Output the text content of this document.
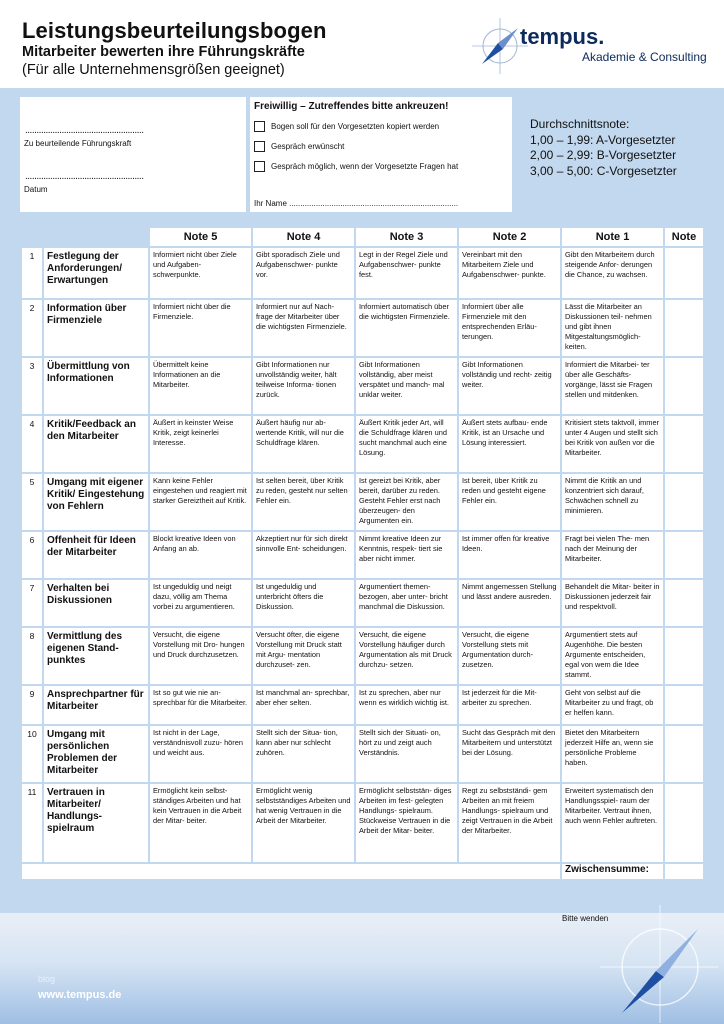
Leistungsbeurteilungsbogen
Mitarbeiter bewerten ihre Führungskräfte
(Für alle Unternehmensgrößen geeignet)
tempus.
Akademie & Consulting
....................................................
Zu beurteilende Führungskraft
....................................................
Datum
Freiwillig – Zutreffendes bitte ankreuzen!
Bogen soll für den Vorgesetzten kopiert werden
Gespräch erwünscht
Gespräch möglich, wenn der Vorgesetzte Fragen hat
Ihr Name ............................................................................
Durchschnittsnote:
1,00 – 1,99: A-Vorgesetzter
2,00 – 2,99: B-Vorgesetzter
3,00 – 5,00: C-Vorgesetzter
		Note 5	Note 4	Note 3	Note 2	Note 1	Note
1	Festlegung der Anforderungen/ Erwartungen	Informiert nicht über Ziele und Aufgaben- schwerpunkte.	Gibt sporadisch Ziele und Aufgabenschwer- punkte vor.	Legt in der Regel Ziele und Aufgabenschwer- punkte fest.	Vereinbart mit den Mitarbeitern Ziele und Aufgabenschwer- punkte.	Gibt den Mitarbeitern durch steigende Anfor- derungen die Chance, zu wachsen.	
2	Information über Firmenziele	Informiert nicht über die Firmenziele.	Informiert nur auf Nach- frage der Mitarbeiter über die wichtigsten Firmenziele.	Informiert automatisch über die wichtigsten Firmenziele.	Informiert über alle Firmenziele mit den entsprechenden Erläu- terungen.	Lässt die Mitarbeiter an Diskussionen teil- nehmen und gibt ihnen Mitgestaltungsmöglich- keiten.	
3	Übermittlung von Informationen	Übermittelt keine Informationen an die Mitarbeiter.	Gibt Informationen nur unvollständig weiter, hält teilweise Informa- tionen zurück.	Gibt Informationen vollständig, aber meist verspätet und manch- mal unklar weiter.	Gibt Informationen vollständig und recht- zeitig weiter.	Informiert die Mitarbei- ter über alle Geschäfts- vorgänge, lässt sie Fragen stellen und mitdenken.	
4	Kritik/Feedback an den Mitarbeiter	Äußert in keinster Weise Kritik, zeigt keinerlei Interesse.	Äußert häufig nur ab- wertende Kritik, will nur die Schuldfrage klären.	Äußert Kritik jeder Art, will die Schuldfrage klären und sucht manchmal auch eine Lösung.	Äußert stets aufbau- ende Kritik, ist an Ursache und Lösung interessiert.	Kritisiert stets taktvoll, immer unter 4 Augen und stellt sich bei Kritik von außen vor die Mitarbeiter.	
5	Umgang mit eigener Kritik/ Eingestehung von Fehlern	Kann keine Fehler eingestehen und reagiert mit starker Gereiztheit auf Kritik.	Ist selten bereit, über Kritik zu reden, gesteht nur selten Fehler ein.	Ist gereizt bei Kritik, aber bereit, darüber zu reden. Gesteht Fehler erst nach überzeugen- den Argumenten ein.	Ist bereit, über Kritik zu reden und gesteht eigene Fehler ein.	Nimmt die Kritik an und konzentriert sich darauf, Schwächen schnell zu minimieren.	
6	Offenheit für Ideen der Mitarbeiter	Blockt kreative Ideen von Anfang an ab.	Akzeptiert nur für sich direkt sinnvolle Ent- scheidungen.	Nimmt kreative Ideen zur Kenntnis, respek- tiert sie aber nicht immer.	Ist immer offen für kreative Ideen.	Fragt bei vielen The- men nach der Meinung der Mitarbeiter.	
7	Verhalten bei Diskussionen	Ist ungeduldig und neigt dazu, völlig am Thema vorbei zu argumentieren.	Ist ungeduldig und unterbricht öfters die Diskussion.	Argumentiert themen- bezogen, aber unter- bricht manchmal die Diskussion.	Nimmt angemessen Stellung und lässt andere ausreden.	Behandelt die Mitar- beiter in Diskussionen jederzeit fair und respektvoll.	
8	Vermittlung des eigenen Stand- punktes	Versucht, die eigene Vorstellung mit Dro- hungen und Druck durchzusetzen.	Versucht öfter, die eigene Vorstellung mit Druck statt mit Argu- mentation durchzuset- zen.	Versucht, die eigene Vorstellung häufiger durch Argumentation als mit Druck durchzu- setzen.	Versucht, die eigene Vorstellung stets mit Argumentation durch- zusetzen.	Argumentiert stets auf Augenhöhe. Die besten Argumente entscheiden, egal von wem die Idee stammt.	
9	Ansprechpartner für Mitarbeiter	Ist so gut wie nie an- sprechbar für die Mitarbeiter.	Ist manchmal an- sprechbar, aber eher selten.	Ist zu sprechen, aber nur wenn es wirklich wichtig ist.	Ist jederzeit für die Mit- arbeiter zu sprechen.	Geht von selbst auf die Mitarbeiter zu und fragt, ob er helfen kann.	
10	Umgang mit persönlichen Problemen der Mitarbeiter	Ist nicht in der Lage, verständnisvoll zuzu- hören und weicht aus.	Stellt sich der Situa- tion, kann aber nur schlecht zuhören.	Stellt sich der Situati- on, hört zu und zeigt auch Verständnis.	Sucht das Gespräch mit den Mitarbeitern und unterstützt bei der Lösung.	Bietet den Mitarbeitern jederzeit Hilfe an, wenn sie persönliche Probleme haben.	
11	Vertrauen in Mitarbeiter/ Handlungs- spielraum	Ermöglicht kein selbst- ständiges Arbeiten und hat kein Vertrauen in die Arbeit der Mitar- beiter.	Ermöglicht wenig selbstständiges Arbeiten und hat wenig Vertrauen in die Arbeit der Mitarbeiter.	Ermöglicht selbststän- diges Arbeiten im fest- gelegten Handlungs- spielraum. Stückweise Vertrauen in die Arbeit der Mitar- beiter.	Regt zu selbstständi- gem Arbeiten an mit freiem Handlungs- spielraum und zeigt Vertrauen in die Arbeit der Mitarbeiter.	Erweitert systematisch den Handlungsspiel- raum der Mitarbeiter. Vertraut ihnen, auch wenn Fehler auftreten.	
						Zwischensumme:	
Bitte wenden
blog
www.tempus.de
